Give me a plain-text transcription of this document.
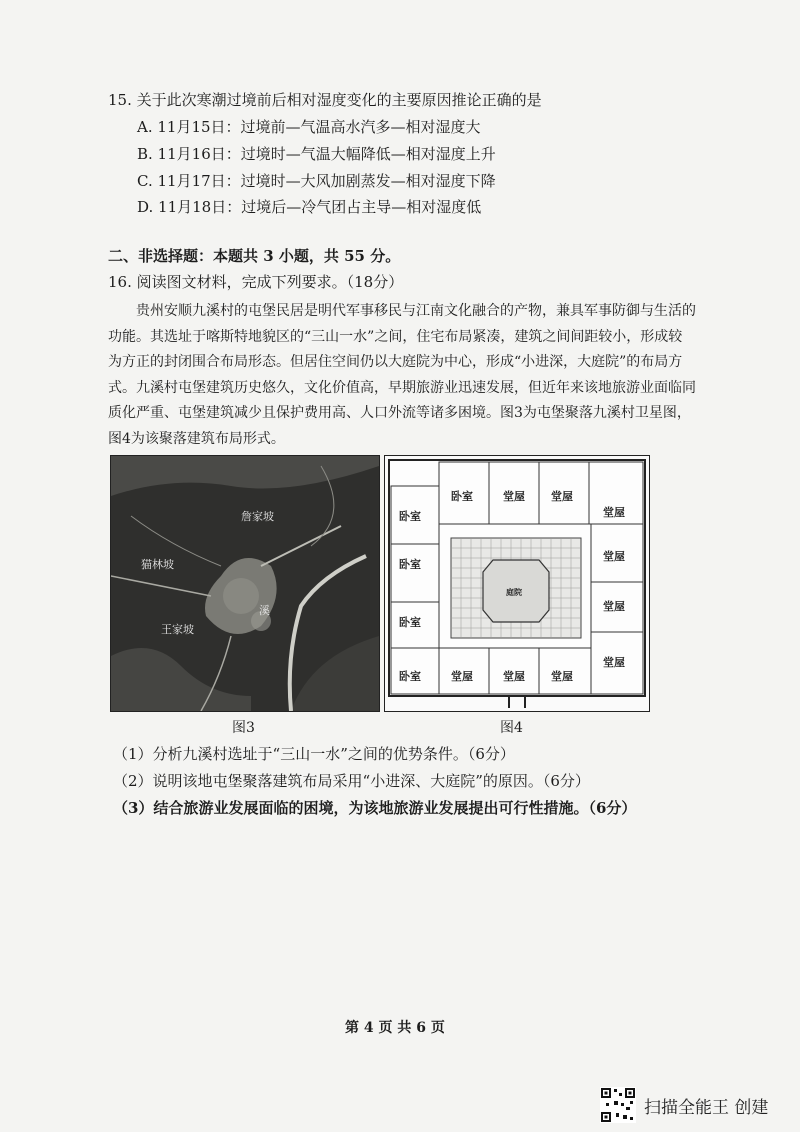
15. 关于此次寒潮过境前后相对湿度变化的主要原因推论正确的是
A. 11月15日：过境前—气温高水汽多—相对湿度大
B. 11月16日：过境时—气温大幅降低—相对湿度上升
C. 11月17日：过境时—大风加剧蒸发—相对湿度下降
D. 11月18日：过境后—冷气团占主导—相对湿度低
二、非选择题：本题共 3 小题，共 55 分。
16. 阅读图文材料，完成下列要求。（18分）
贵州安顺九溪村的屯堡民居是明代军事移民与江南文化融合的产物，兼具军事防御与生活的
功能。其选址于喀斯特地貌区的“三山一水”之间，住宅布局紧凑，建筑之间间距较小，形成较
为方正的封闭围合布局形态。但居住空间仍以大庭院为中心，形成“小进深，大庭院”的布局方
式。九溪村屯堡建筑历史悠久，文化价值高，早期旅游业迅速发展，但近年来该地旅游业面临同
质化严重、屯堡建筑减少且保护费用高、人口外流等诸多困境。图3为屯堡聚落九溪村卫星图，
图4为该聚落建筑布局形式。
詹家坡
猫林坡
王家坡
溪
卧室	堂屋 堂屋
卧室	堂屋
卧室
堂屋
卧室
堂屋
卧室	堂屋	堂屋 堂屋
堂屋
庭院
图3	图4
（1）分析九溪村选址于“三山一水”之间的优势条件。（6分）
（2）说明该地屯堡聚落建筑布局采用“小进深、大庭院”的原因。（6分）
（3）结合旅游业发展面临的困境，为该地旅游业发展提出可行性措施。（6分）
第 4 页 共 6 页
扫描全能王 创建
